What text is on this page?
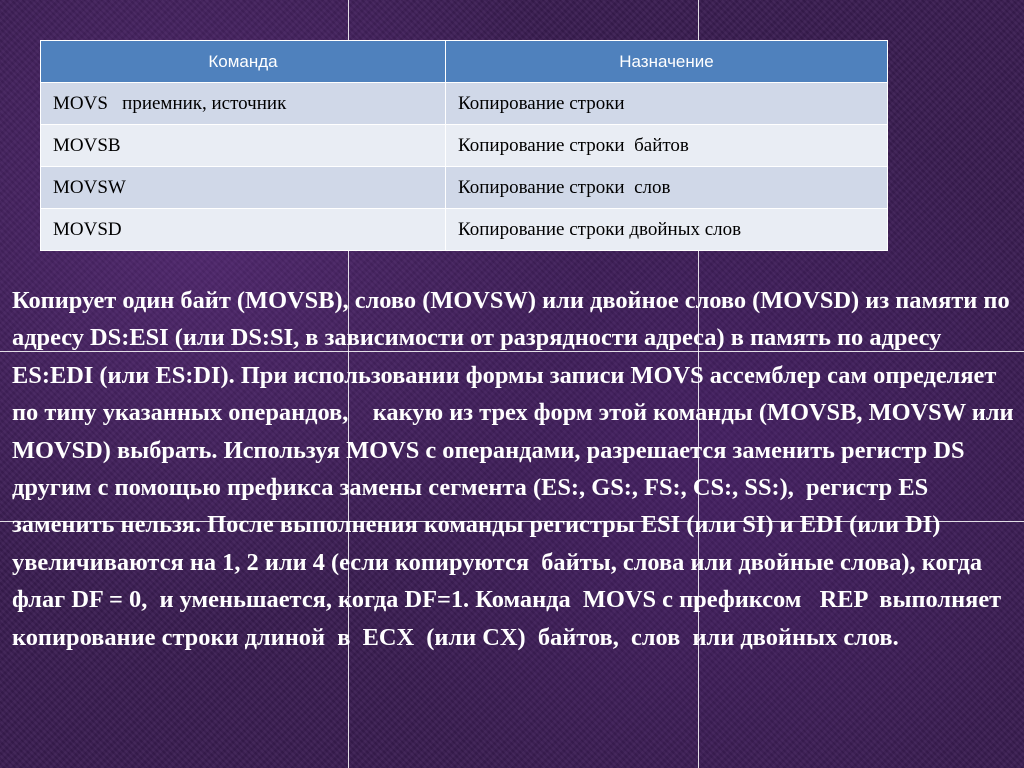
Команда	Назначение
MOVS   приемник, источник	Копирование строки
MOVSB	Копирование строки  байтов
MOVSW	Копирование строки  слов
MOVSD	Копирование строки двойных слов

Копирует один байт (MOVSB), слово (MOVSW) или двойное слово (MOVSD) из памяти по адресу DS:ESI (или DS:SI, в зависимости от разрядности адреса) в память по адресу ES:EDI (или ES:DI). При использовании формы записи MOVS ассемблер сам определяет по типу указанных операндов,    какую из трех форм этой команды (MOVSB, MOVSW или MOVSD) выбрать. Используя MOVS с операндами, разрешается заменить регистр DS другим с помощью префикса замены сегмента (ES:, GS:, FS:, CS:, SS:),  регистр ES заменить нельзя. После выполнения команды регистры ESI (или SI) и EDI (или DI) увеличиваются на 1, 2 или 4 (если копируются  байты, слова или двойные слова), когда флаг DF = 0,  и уменьшается, когда DF=1. Команда  MOVS с префиксом   REP  выполняет копирование строки длиной  в  ECX  (или CX)  байтов,  слов  или двойных слов.
